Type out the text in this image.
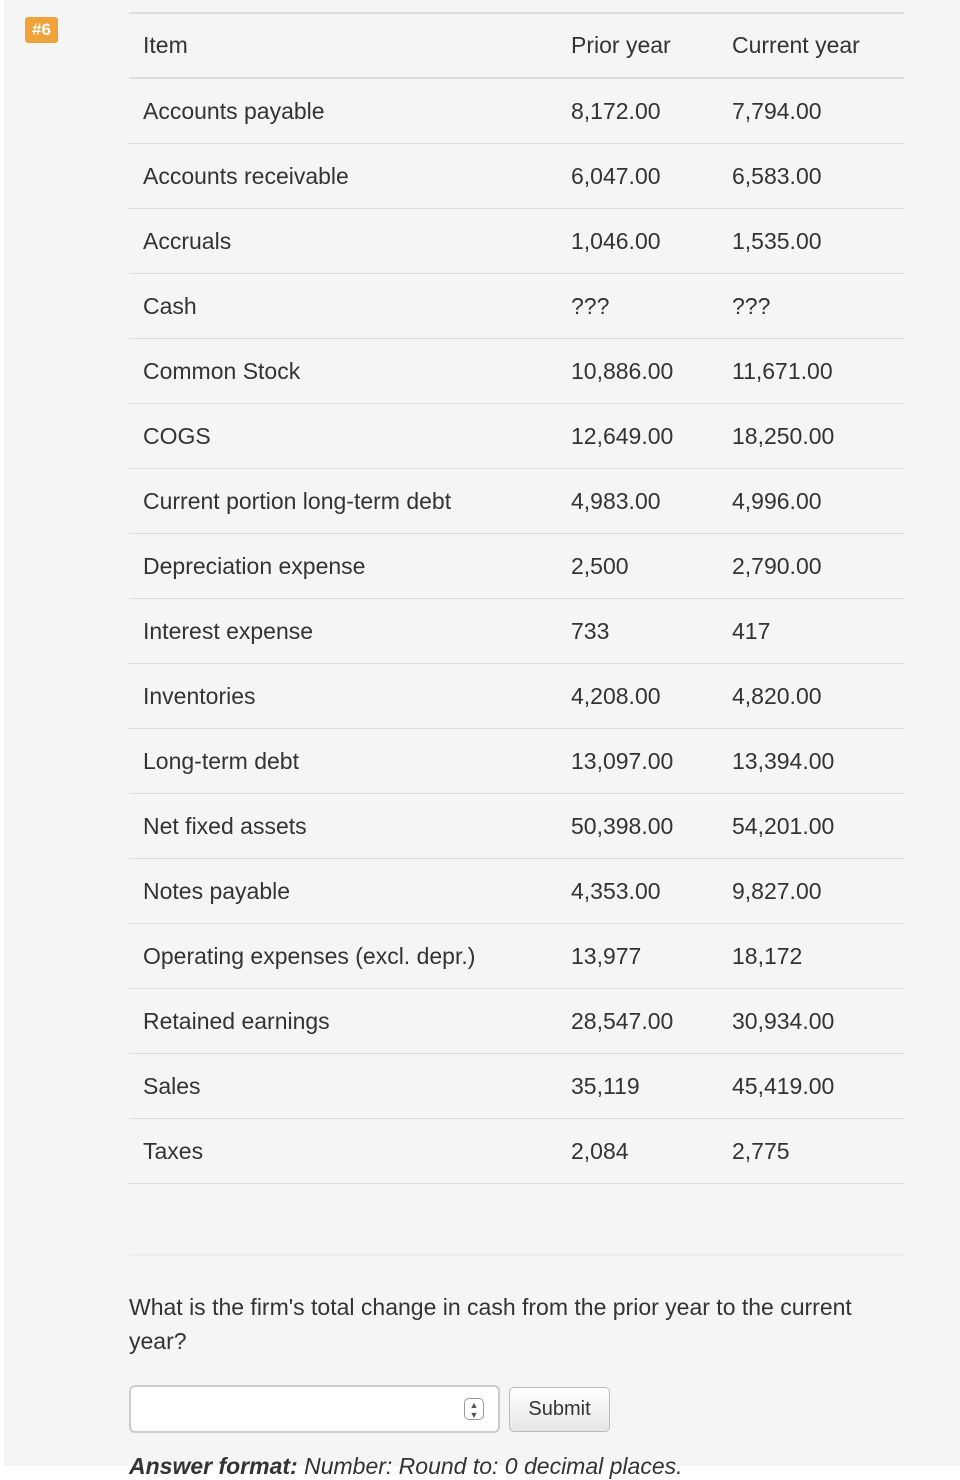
#6
Item	Prior year	Current year
Accounts payable	8,172.00	7,794.00
Accounts receivable	6,047.00	6,583.00
Accruals	1,046.00	1,535.00
Cash	???	???
Common Stock	10,886.00	11,671.00
COGS	12,649.00	18,250.00
Current portion long-term debt	4,983.00	4,996.00
Depreciation expense	2,500	2,790.00
Interest expense	733	417
Inventories	4,208.00	4,820.00
Long-term debt	13,097.00	13,394.00
Net fixed assets	50,398.00	54,201.00
Notes payable	4,353.00	9,827.00
Operating expenses (excl. depr.)	13,977	18,172
Retained earnings	28,547.00	30,934.00
Sales	35,119	45,419.00
Taxes	2,084	2,775
What is the firm's total change in cash from the prior year to the current year?
▲
▼	Submit
Answer format: Number: Round to: 0 decimal places.
